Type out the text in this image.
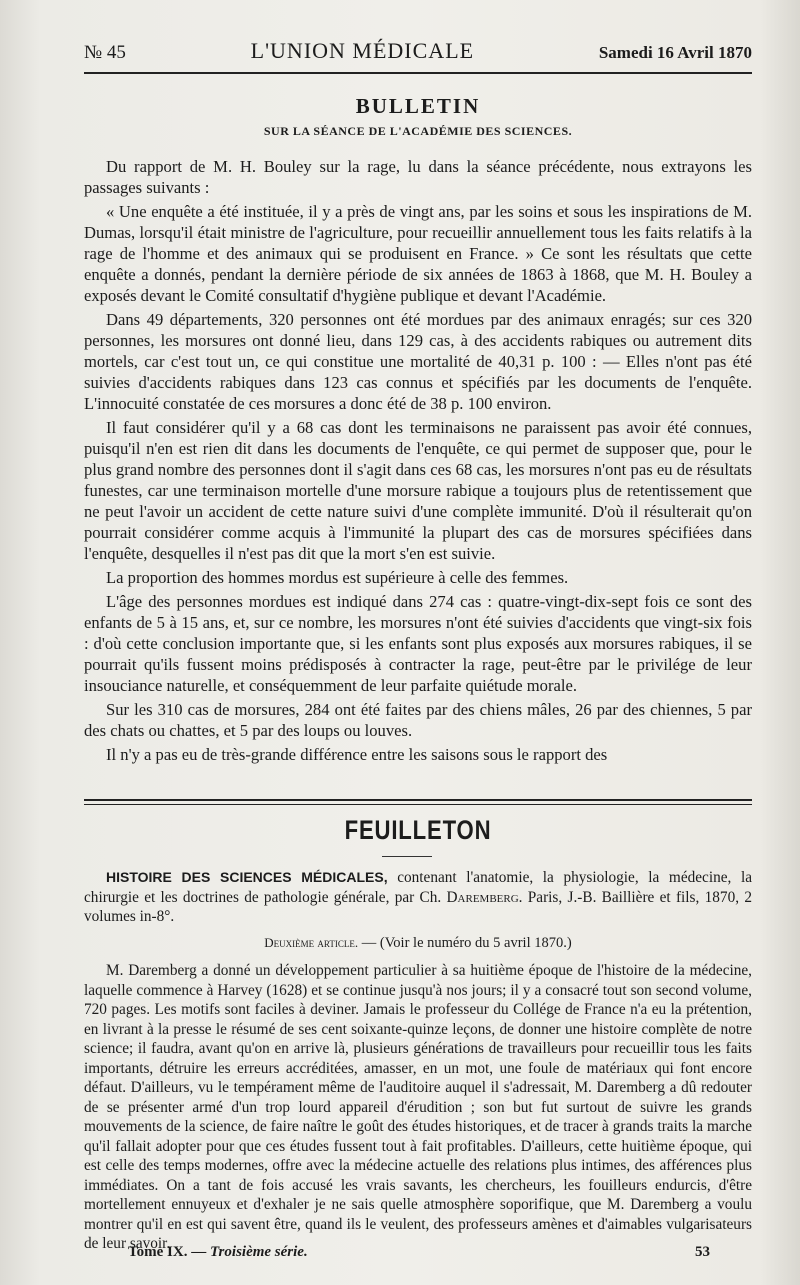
№ 45	L'UNION MÉDICALE	Samedi 16 Avril 1870
BULLETIN
SUR LA SÉANCE DE L'ACADÉMIE DES SCIENCES.

Du rapport de M. H. Bouley sur la rage, lu dans la séance précédente, nous extrayons les passages suivants :

« Une enquête a été instituée, il y a près de vingt ans, par les soins et sous les inspirations de M. Dumas, lorsqu'il était ministre de l'agriculture, pour recueillir annuellement tous les faits relatifs à la rage de l'homme et des animaux qui se produisent en France. » Ce sont les résultats que cette enquête a donnés, pendant la dernière période de six années de 1863 à 1868, que M. H. Bouley a exposés devant le Comité consultatif d'hygiène publique et devant l'Académie.

Dans 49 départements, 320 personnes ont été mordues par des animaux enragés; sur ces 320 personnes, les morsures ont donné lieu, dans 129 cas, à des accidents rabiques ou autrement dits mortels, car c'est tout un, ce qui constitue une mortalité de 40,31 p. 100 : — Elles n'ont pas été suivies d'accidents rabiques dans 123 cas connus et spécifiés par les documents de l'enquête. L'innocuité constatée de ces morsures a donc été de 38 p. 100 environ.

Il faut considérer qu'il y a 68 cas dont les terminaisons ne paraissent pas avoir été connues, puisqu'il n'en est rien dit dans les documents de l'enquête, ce qui permet de supposer que, pour le plus grand nombre des personnes dont il s'agit dans ces 68 cas, les morsures n'ont pas eu de résultats funestes, car une terminaison mortelle d'une morsure rabique a toujours plus de retentissement que ne peut l'avoir un accident de cette nature suivi d'une complète immunité. D'où il résulterait qu'on pourrait considérer comme acquis à l'immunité la plupart des cas de morsures spécifiées dans l'enquête, desquelles il n'est pas dit que la mort s'en est suivie.

La proportion des hommes mordus est supérieure à celle des femmes.

L'âge des personnes mordues est indiqué dans 274 cas : quatre-vingt-dix-sept fois ce sont des enfants de 5 à 15 ans, et, sur ce nombre, les morsures n'ont été suivies d'accidents que vingt-six fois : d'où cette conclusion importante que, si les enfants sont plus exposés aux morsures rabiques, il se pourrait qu'ils fussent moins prédisposés à contracter la rage, peut-être par le privilége de leur insouciance naturelle, et conséquemment de leur parfaite quiétude morale.

Sur les 310 cas de morsures, 284 ont été faites par des chiens mâles, 26 par des chiennes, 5 par des chats ou chattes, et 5 par des loups ou louves.

Il n'y a pas eu de très-grande différence entre les saisons sous le rapport des

FEUILLETON

HISTOIRE DES SCIENCES MÉDICALES, contenant l'anatomie, la physiologie, la médecine, la chirurgie et les doctrines de pathologie générale, par Ch. Daremberg. Paris, J.-B. Baillière et fils, 1870, 2 volumes in-8°.

Deuxième article. — (Voir le numéro du 5 avril 1870.)

M. Daremberg a donné un développement particulier à sa huitième époque de l'histoire de la médecine, laquelle commence à Harvey (1628) et se continue jusqu'à nos jours; il y a consacré tout son second volume, 720 pages. Les motifs sont faciles à deviner. Jamais le professeur du Collége de France n'a eu la prétention, en livrant à la presse le résumé de ses cent soixante-quinze leçons, de donner une histoire complète de notre science; il faudra, avant qu'on en arrive là, plusieurs générations de travailleurs pour recueillir tous les faits importants, détruire les erreurs accréditées, amasser, en un mot, une foule de matériaux qui font encore défaut. D'ailleurs, vu le tempérament même de l'auditoire auquel il s'adressait, M. Daremberg a dû redouter de se présenter armé d'un trop lourd appareil d'érudition ; son but fut surtout de suivre les grands mouvements de la science, de faire naître le goût des études historiques, et de tracer à grands traits la marche qu'il fallait adopter pour que ces études fussent tout à fait profitables. D'ailleurs, cette huitième époque, qui est celle des temps modernes, offre avec la médecine actuelle des relations plus intimes, des afférences plus immédiates. On a tant de fois accusé les vrais savants, les chercheurs, les fouilleurs endurcis, d'être mortellement ennuyeux et d'exhaler je ne sais quelle atmosphère soporifique, que M. Daremberg a voulu montrer qu'il en est qui savent être, quand ils le veulent, des professeurs amènes et d'aimables vulgarisateurs de leur savoir.

Tome IX. — Troisième série.	53
